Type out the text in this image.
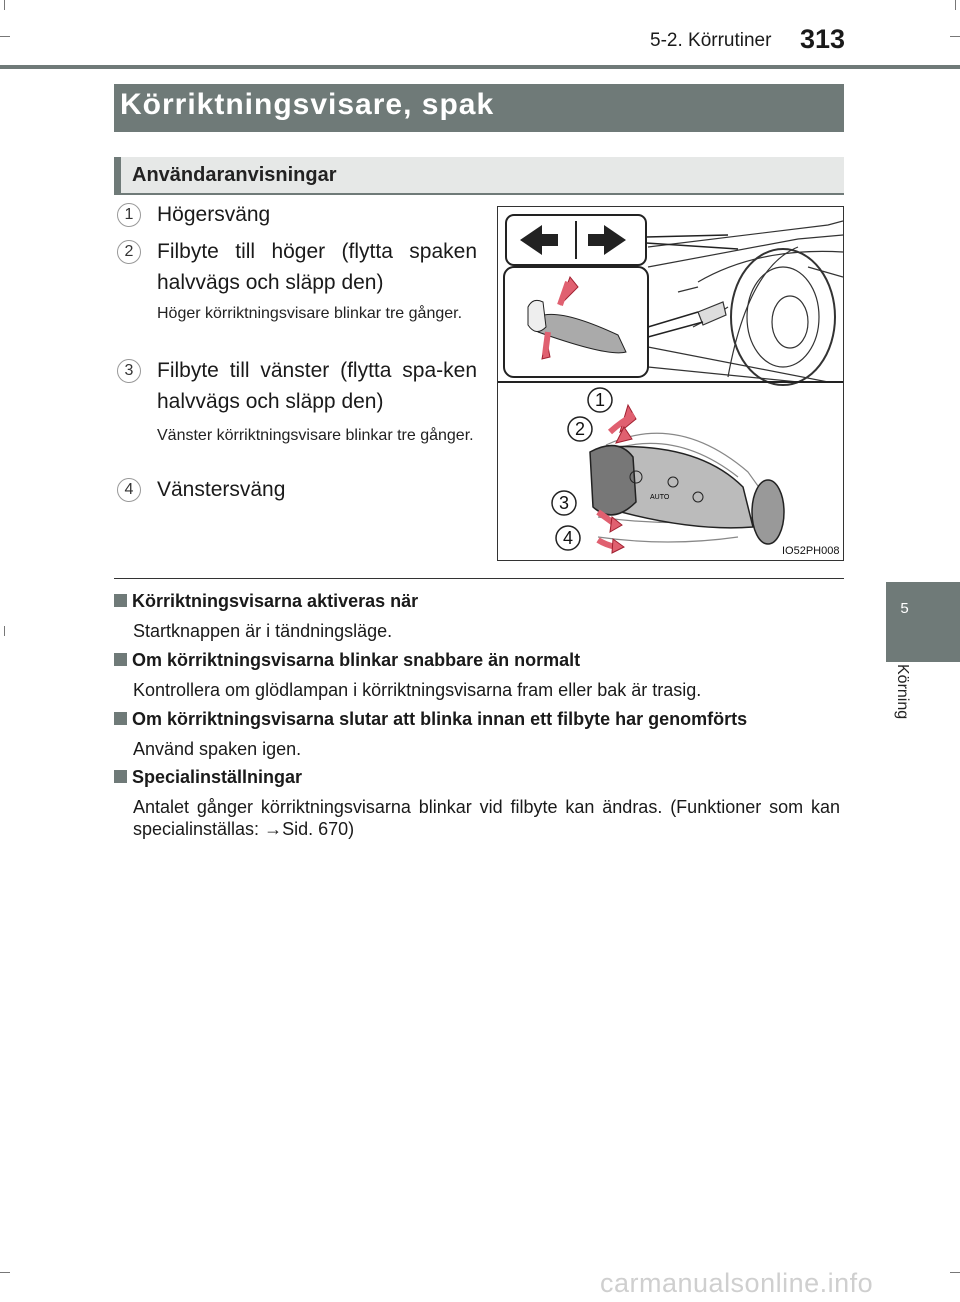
5-2. Körrutiner 313
5
Körning
Körriktningsvisare, spak
Användaranvisningar
1	Högersväng
2	Filbyte till höger (flytta spaken halvvägs och släpp den)
Höger körriktningsvisare blinkar tre gånger.
3	Filbyte till vänster (flytta spa-ken halvvägs och släpp den)
Vänster körriktningsvisare blinkar tre gånger.
4	Vänstersväng	AUTO
1
2
3
4
IO52PH008
Körriktningsvisarna aktiveras när
Startknappen är i tändningsläge.
Om körriktningsvisarna blinkar snabbare än normalt
Kontrollera om glödlampan i körriktningsvisarna fram eller bak är trasig.
Om körriktningsvisarna slutar att blinka innan ett filbyte har genomförts
Använd spaken igen.
Specialinställningar
Antalet gånger körriktningsvisarna blinkar vid filbyte kan ändras. (Funktioner som kan specialinställas: →Sid. 670)
carmanualsonline.info
